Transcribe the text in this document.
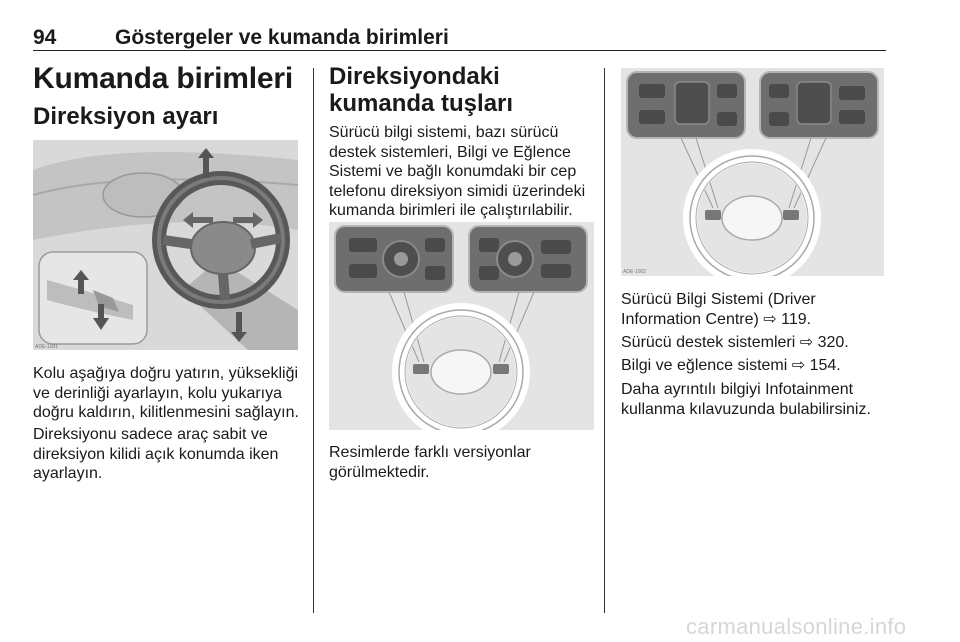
94	Göstergeler ve kumanda birimleri
Kumanda birimleri
Direksiyon ayarı
ADE-1001

Kolu aşağıya doğru yatırın, yüksekliği ve derinliği ayarlayın, kolu yukarıya doğru kaldırın, kilitlenmesini sağlayın.

Direksiyonu sadece araç sabit ve direksiyon kilidi açık konumda iken ayarlayın.

Direksiyondaki kumanda tuşları

Sürücü bilgi sistemi, bazı sürücü destek sistemleri, Bilgi ve Eğlence Sistemi ve bağlı konumdaki bir cep telefonu direksiyon simidi üzerindeki kumanda birimleri ile çalıştırılabilir.

Resimlerde farklı versiyonlar görülmektedir.

ADE-1002

Sürücü Bilgi Sistemi (Driver Information Centre) ⇨ 119.

Sürücü destek sistemleri ⇨ 320.

Bilgi ve eğlence sistemi ⇨ 154.

Daha ayrıntılı bilgiyi Infotainment kullanma kılavuzunda bulabilirsiniz.

carmanualsonline.info
